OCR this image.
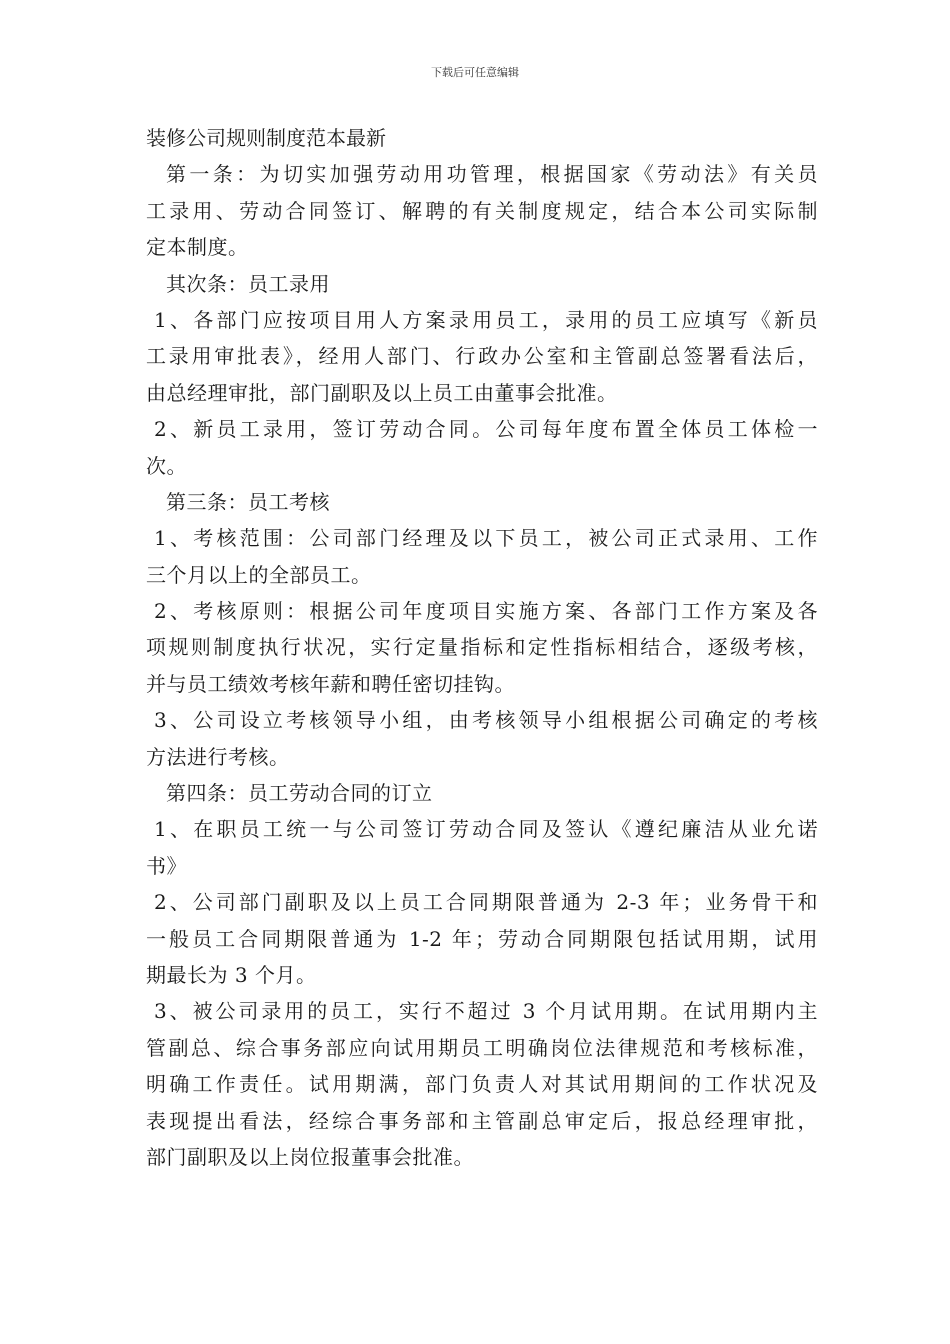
下载后可任意编辑
装修公司规则制度范本最新
第一条：为切实加强劳动用功管理，根据国家《劳动法》有关员
工录用、劳动合同签订、解聘的有关制度规定，结合本公司实际制
定本制度。
其次条：员工录用
1、各部门应按项目用人方案录用员工，录用的员工应填写《新员
工录用审批表》，经用人部门、行政办公室和主管副总签署看法后，
由总经理审批，部门副职及以上员工由董事会批准。
2、新员工录用，签订劳动合同。公司每年度布置全体员工体检一
次。
第三条：员工考核
1、考核范围：公司部门经理及以下员工，被公司正式录用、工作
三个月以上的全部员工。
2、考核原则：根据公司年度项目实施方案、各部门工作方案及各
项规则制度执行状况，实行定量指标和定性指标相结合，逐级考核，
并与员工绩效考核年薪和聘任密切挂钩。
3、公司设立考核领导小组，由考核领导小组根据公司确定的考核
方法进行考核。
第四条：员工劳动合同的订立
1、在职员工统一与公司签订劳动合同及签认《遵纪廉洁从业允诺
书》
2、公司部门副职及以上员工合同期限普通为 2-3 年；业务骨干和
一般员工合同期限普通为 1-2 年；劳动合同期限包括试用期，试用
期最长为 3 个月。
3、被公司录用的员工，实行不超过 3 个月试用期。在试用期内主
管副总、综合事务部应向试用期员工明确岗位法律规范和考核标准，
明确工作责任。试用期满，部门负责人对其试用期间的工作状况及
表现提出看法，经综合事务部和主管副总审定后，报总经理审批，
部门副职及以上岗位报董事会批准。
